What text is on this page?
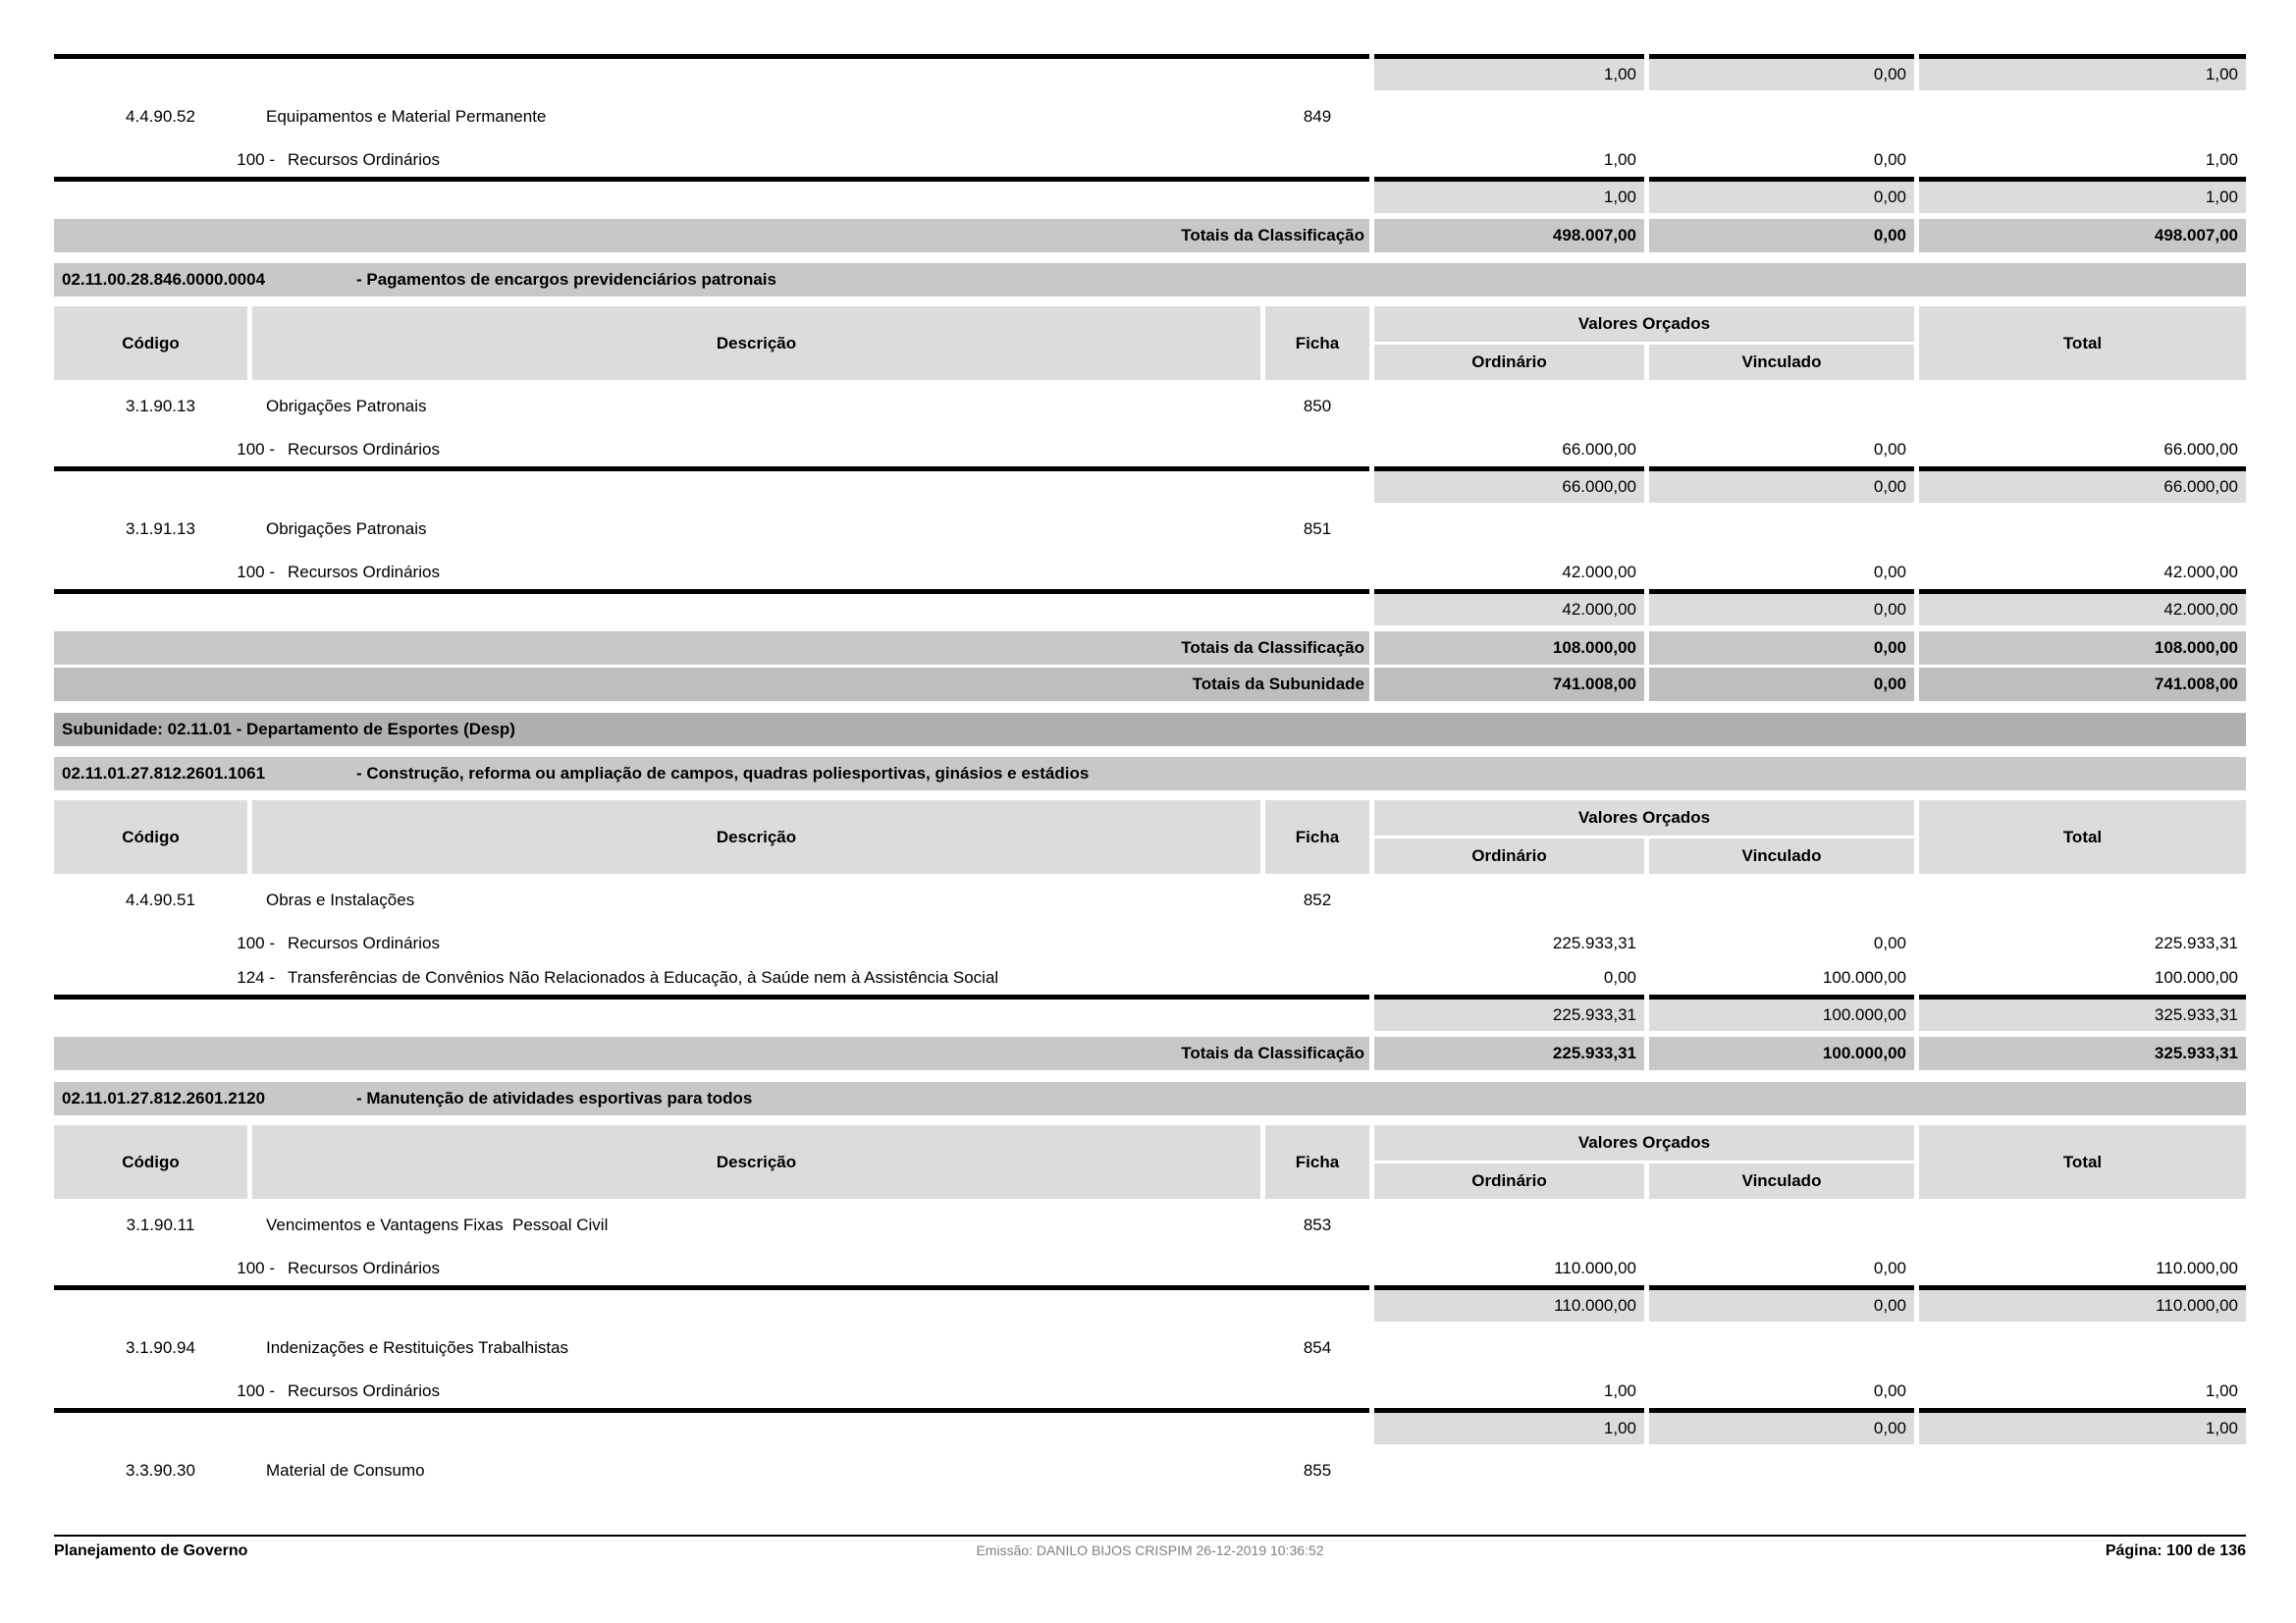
1,00	0,00	1,00
4.4.90.52	Equipamentos e Material Permanente	849
100 - Recursos Ordinários	1,00	0,00	1,00
1,00	0,00	1,00
Totais da Classificação	498.007,00	0,00	498.007,00
02.11.00.28.846.0000.0004	- Pagamentos de encargos previdenciários patronais
Código	Descrição	Ficha
Valores Orçados
Ordinário	Vinculado
Total
3.1.90.13	Obrigações Patronais	850
100 - Recursos Ordinários	66.000,00	0,00	66.000,00
66.000,00	0,00	66.000,00
3.1.91.13	Obrigações Patronais	851
100 - Recursos Ordinários	42.000,00	0,00	42.000,00
42.000,00	0,00	42.000,00
Totais da Classificação	108.000,00	0,00	108.000,00
Totais da Subunidade	741.008,00	0,00	741.008,00
Subunidade: 02.11.01 - Departamento de Esportes (Desp)
02.11.01.27.812.2601.1061	- Construção, reforma ou ampliação de campos, quadras poliesportivas, ginásios e estádios
Código	Descrição	Ficha
Valores Orçados
Ordinário	Vinculado
Total
4.4.90.51	Obras e Instalações	852
100 - Recursos Ordinários	225.933,31	0,00	225.933,31
124 - Transferências de Convênios Não Relacionados à Educação, à Saúde nem à Assistência Social	0,00	100.000,00	100.000,00
225.933,31	100.000,00	325.933,31
Totais da Classificação	225.933,31	100.000,00	325.933,31
02.11.01.27.812.2601.2120	- Manutenção de atividades esportivas para todos
Código	Descrição	Ficha
Valores Orçados
Ordinário	Vinculado
Total
3.1.90.11	Vencimentos e Vantagens Fixas  Pessoal Civil	853
100 - Recursos Ordinários	110.000,00	0,00	110.000,00
110.000,00	0,00	110.000,00
3.1.90.94	Indenizações e Restituições Trabalhistas	854
100 - Recursos Ordinários	1,00	0,00	1,00
1,00	0,00	1,00
3.3.90.30	Material de Consumo	855
Planejamento de Governo	Emissão: DANILO BIJOS CRISPIM 26-12-2019 10:36:52	Página: 100 de 136
